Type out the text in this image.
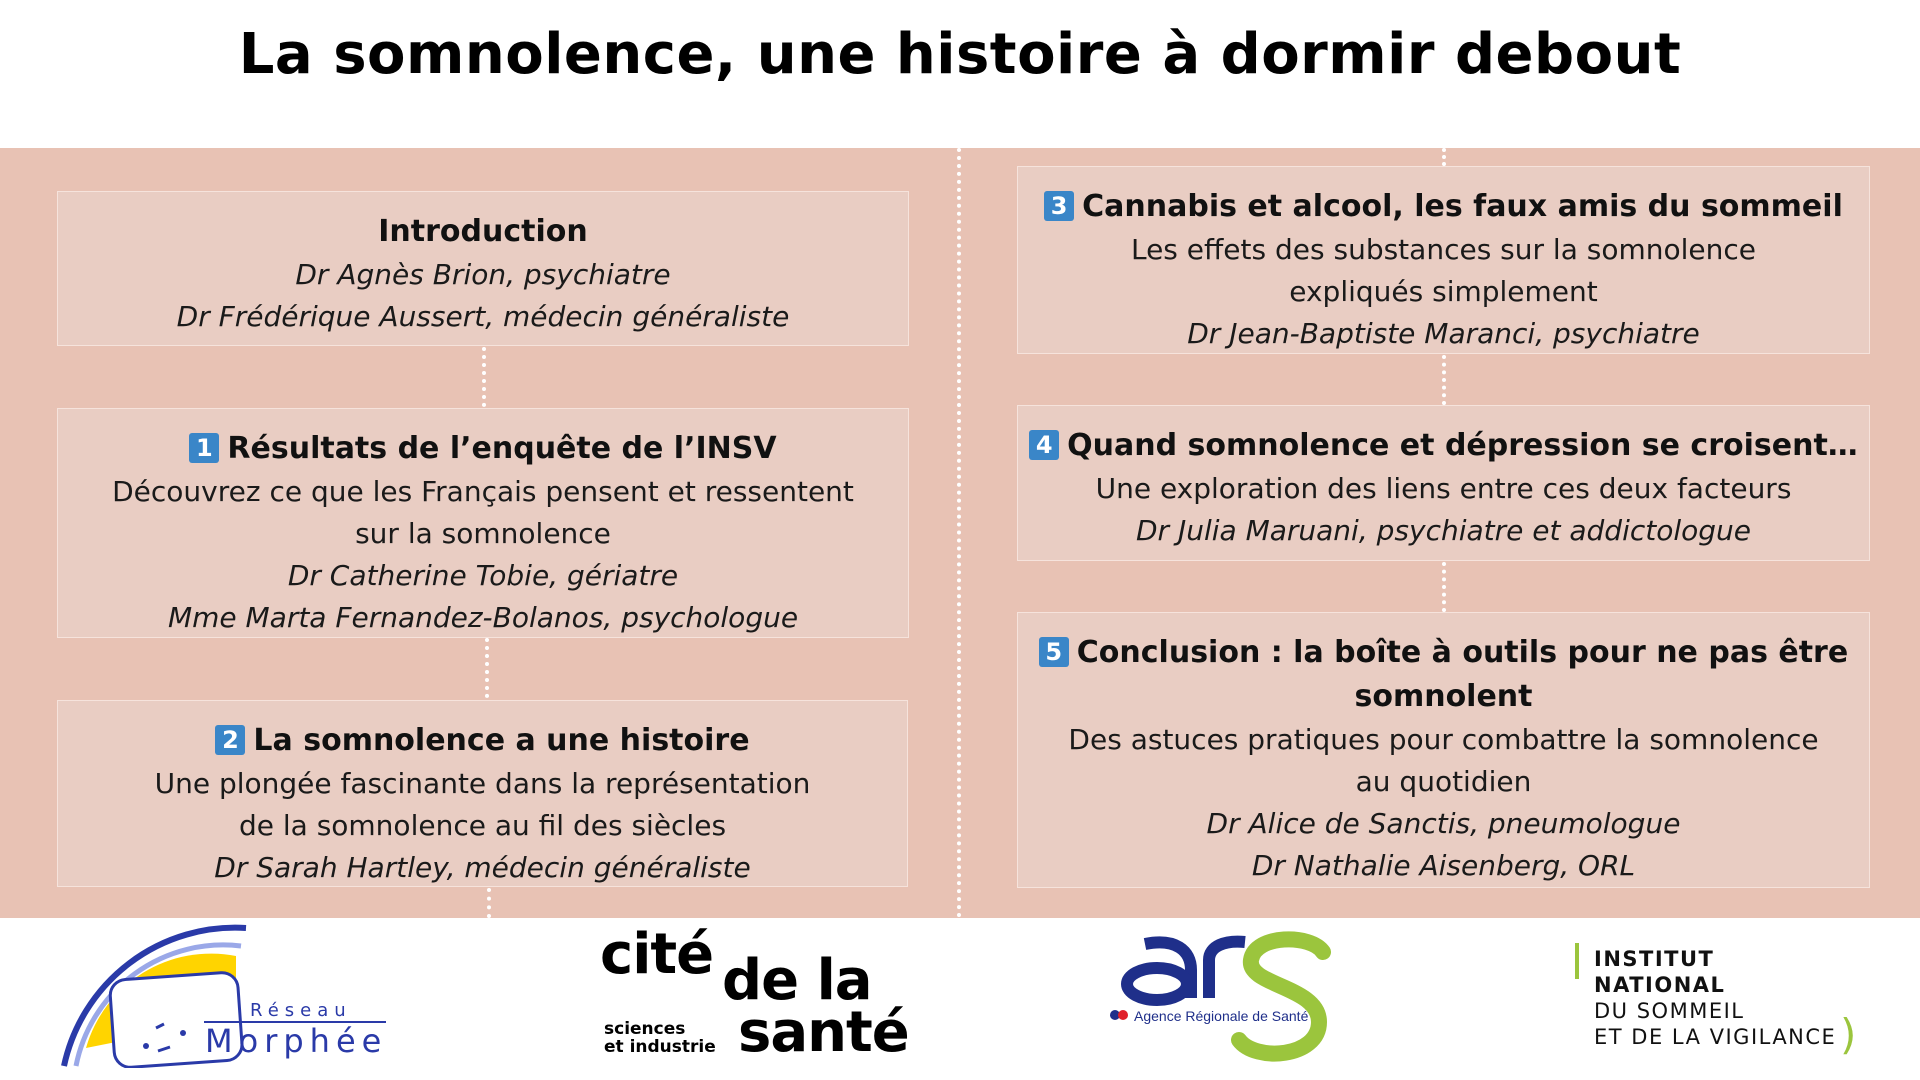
La somnolence, une histoire à dormir debout
Introduction
Dr Agnès Brion, psychiatre
Dr Frédérique Aussert, médecin généraliste
1 Résultats de l’enquête de l’INSV
Découvrez ce que les Français pensent et ressentent
sur la somnolence
Dr Catherine Tobie, gériatre
Mme Marta Fernandez-Bolanos, psychologue
2 La somnolence a une histoire
Une plongée fascinante dans la représentation
de la somnolence au fil des siècles
Dr Sarah Hartley, médecin généraliste
3 Cannabis et alcool, les faux amis du sommeil
Les effets des substances sur la somnolence
expliqués simplement
Dr Jean-Baptiste Maranci, psychiatre
4 Quand somnolence et dépression se croisent…
Une exploration des liens entre ces deux facteurs
Dr Julia Maruani, psychiatre et addictologue
5 Conclusion : la boîte à outils pour ne pas être
somnolent
Des astuces pratiques pour combattre la somnolence
au quotidien
Dr Alice de Sanctis, pneumologue
Dr Nathalie Aisenberg, ORL
Réseau
Morphée
cité de la
santé
sciences
et industrie
Agence Régionale de Santé
INSTITUT
NATIONAL
DU SOMMEIL
ET DE LA VIGILANCE )
